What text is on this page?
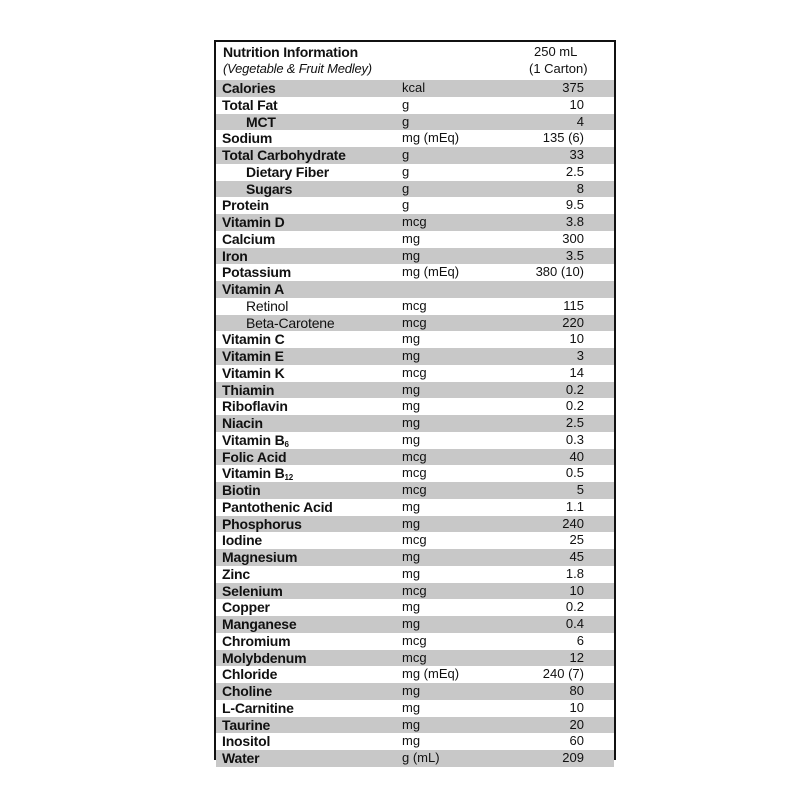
Nutrition Information
(Vegetable & Fruit Medley)
250 mL
(1 Carton)
Calories	kcal	375
Total Fat	g	10
MCT	g	4
Sodium	mg (mEq)	135 (6)
Total Carbohydrate	g	33
Dietary Fiber	g	2.5
Sugars	g	8
Protein	g	9.5
Vitamin D	mcg	3.8
Calcium	mg	300
Iron	mg	3.5
Potassium	mg (mEq)	380 (10)
Vitamin A
Retinol	mcg	115
Beta-Carotene	mcg	220
Vitamin C	mg	10
Vitamin E	mg	3
Vitamin K	mcg	14
Thiamin	mg	0.2
Riboflavin	mg	0.2
Niacin	mg	2.5
Vitamin $B_6$	mg	0.3
Folic Acid	mcg	40
Vitamin $B_{12}$	mcg	0.5
Biotin	mcg	5
Pantothenic Acid	mg	1.1
Phosphorus	mg	240
Iodine	mcg	25
Magnesium	mg	45
Zinc	mg	1.8
Selenium	mcg	10
Copper	mg	0.2
Manganese	mg	0.4
Chromium	mcg	6
Molybdenum	mcg	12
Chloride	mg (mEq)	240 (7)
Choline	mg	80
L-Carnitine	mg	10
Taurine	mg	20
Inositol	mg	60
Water	g (mL)	209
